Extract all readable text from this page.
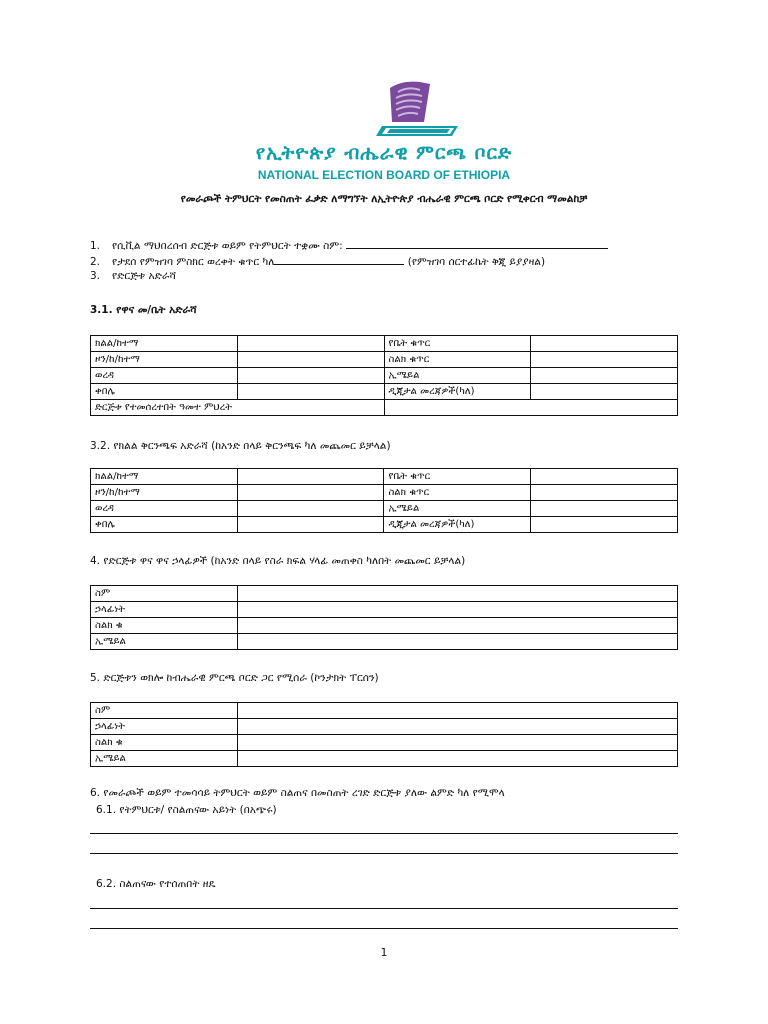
የኢትዮጵያ ብሔራዊ ምርጫ ቦርድ
NATIONAL ELECTION BOARD OF ETHIOPIA
የመራጮች ትምህርት የመስጠት ፈቃድ ለማግኘት ለኢትዮጵያ ብሔራዊ ምርጫ ቦርድ የሚቀርብ ማመልከቻ
1. የሲቪል ማህበረሰብ ድርጅቱ ወይም የትምህርት ተቋሙ ስም:
2. የታደሰ የምዝገባ ምስክር ወረቀት ቁጥር ካለ	(የምዝገባ ሰርተፊኬት ቅጂ ይያያዛል)
3. የድርጅቱ አድራሻ
3.1. የዋና መ/ቤት አድራሻ
ክልል/ከተማ		የቤት ቁጥር	
ዞን/ከ/ከተማ		ስልክ ቁጥር	
ወረዳ		ኢሜይል	
ቀበሌ		ዲጂታል መረጃዎች(ካለ)	
ድርጅቱ የተመሰረተበት ዓመተ ምህረት			
3.2. የክልል ቅርንጫፍ አድራሻ (ከአንድ በላይ ቅርንጫፍ ካለ መጨመር ይቻላል)
ክልል/ከተማ		የቤት ቁጥር	
ዞን/ከ/ከተማ		ስልክ ቁጥር	
ወረዳ		ኢሜይል	
ቀበሌ		ዲጂታል መረጃዎች(ካለ)	
4. የድርጅቱ ዋና ዋና ኃላፊዎች (ከአንድ በላይ የስራ ክፍል ሃላፊ መጠቀስ ካለበት መጨመር ይቻላል)
ስም	
ኃላፊነት	
ስልክ ቁ	
ኢሜይል	
5. ድርጅቱን ወክሎ ከብሔራዊ ምርጫ ቦርድ ጋር የሚሰራ (ኮንታክት ፐርሰን)
ስም	
ኃላፊነት	
ስልክ ቁ	
ኢሜይል	
6. የመራጮች ወይም ተመሳሳይ ትምህርት ወይም ስልጠና በመስጠት ረገድ ድርጅቱ ያለው ልምድ ካለ የሚሞላ
6.1. የትምህርቱ/ የስልጠናው አይነት (በአጭሩ)
6.2. ስልጠናው የተሰጠበት ዘዴ
1
